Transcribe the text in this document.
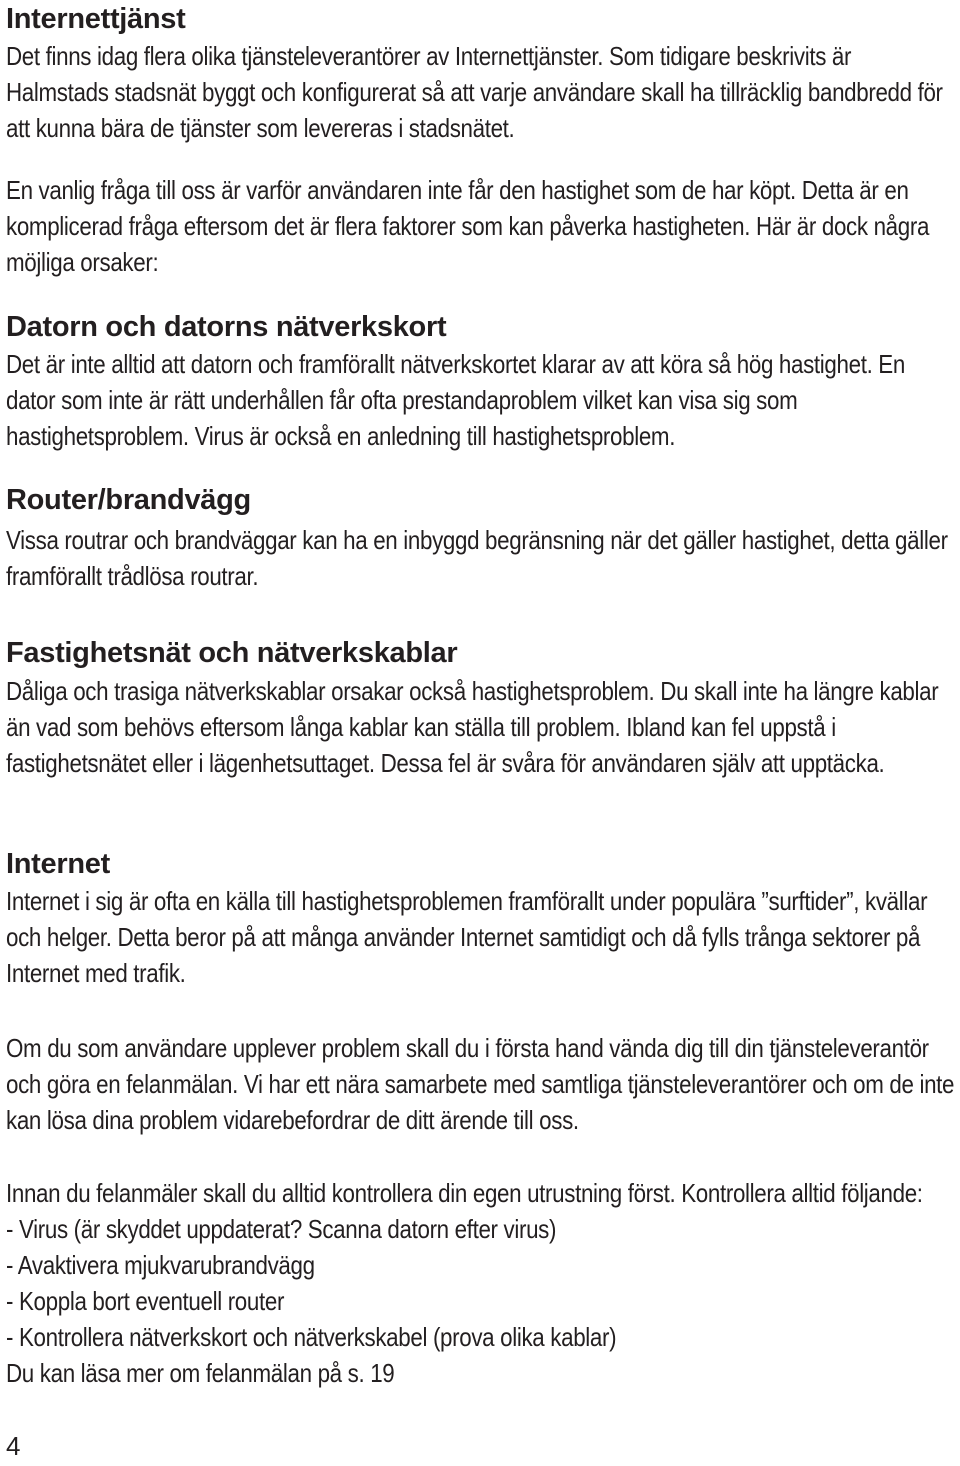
Internettjänst

Det finns idag flera olika tjänsteleverantörer av Internettjänster. Som tidigare beskrivits är Halmstads stadsnät byggt och konfigurerat så att varje användare skall ha tillräcklig bandbredd för att kunna bära de tjänster som levereras i stadsnätet.

En vanlig fråga till oss är varför användaren inte får den hastighet som de har köpt. Detta är en komplicerad fråga eftersom det är flera faktorer som kan påverka hastigheten. Här är dock några möjliga orsaker:

Datorn och datorns nätverkskort

Det är inte alltid att datorn och framförallt nätverkskortet klarar av att köra så hög hastighet. En dator som inte är rätt underhållen får ofta prestandaproblem vilket kan visa sig som hastighetsproblem. Virus är också en anledning till hastighetsproblem.

Router/brandvägg

Vissa routrar och brandväggar kan ha en inbyggd begränsning när det gäller hastighet, detta gäller framförallt trådlösa routrar.

Fastighetsnät och nätverkskablar

Dåliga och trasiga nätverkskablar orsakar också hastighetsproblem. Du skall inte ha längre kablar än vad som behövs eftersom långa kablar kan ställa till problem. Ibland kan fel uppstå i fastighetsnätet eller i lägenhetsuttaget. Dessa fel är svåra för användaren själv att upptäcka.

Internet

Internet i sig är ofta en källa till hastighetsproblemen framförallt under populära ”surftider”, kvällar och helger. Detta beror på att många använder Internet samtidigt och då fylls trånga sektorer på Internet med trafik.

Om du som användare upplever problem skall du i första hand vända dig till din tjänsteleverantör och göra en felanmälan. Vi har ett nära samarbete med samtliga tjänsteleverantörer och om de inte kan lösa dina problem vidarebefordrar de ditt ärende till oss.

Innan du felanmäler skall du alltid kontrollera din egen utrustning först. Kontrollera alltid följande:
- Virus (är skyddet uppdaterat? Scanna datorn efter virus)
- Avaktivera mjukvarubrandvägg
- Koppla bort eventuell router
- Kontrollera nätverkskort och nätverkskabel (prova olika kablar)
Du kan läsa mer om felanmälan på s. 19
4
